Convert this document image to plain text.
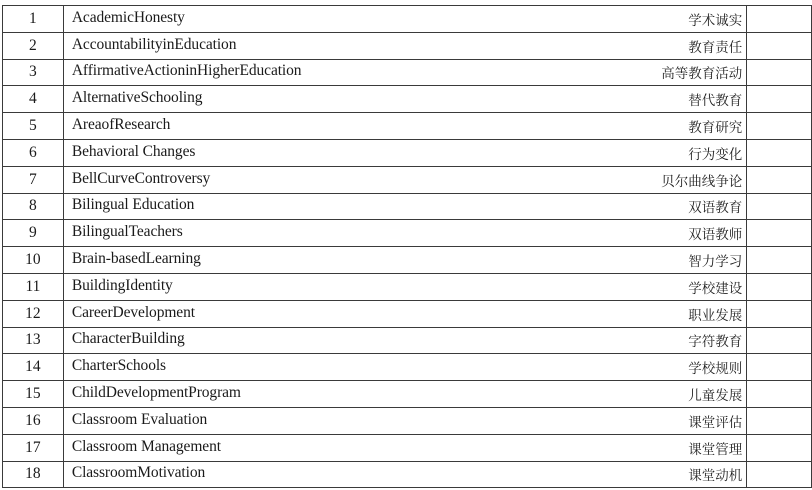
1	AcademicHonesty 学术诚实	

2	AccountabilityinEducation 教育责任	

3	AffirmativeActioninHigherEducation 高等教育活动	

4	AlternativeSchooling 替代教育	

5	AreaofResearch 教育研究	

6	Behavioral Changes 行为变化	

7	BellCurveControversy 贝尔曲线争论	

8	Bilingual Education 双语教育	

9	BilingualTeachers 双语教师	

10	Brain-basedLearning 智力学习	

11	BuildingIdentity 学校建设	

12	CareerDevelopment 职业发展	

13	CharacterBuilding 字符教育	

14	CharterSchools 学校规则	

15	ChildDevelopmentProgram 儿童发展	

16	Classroom Evaluation 课堂评估	

17	Classroom Management 课堂管理	

18	ClassroomMotivation 课堂动机	
